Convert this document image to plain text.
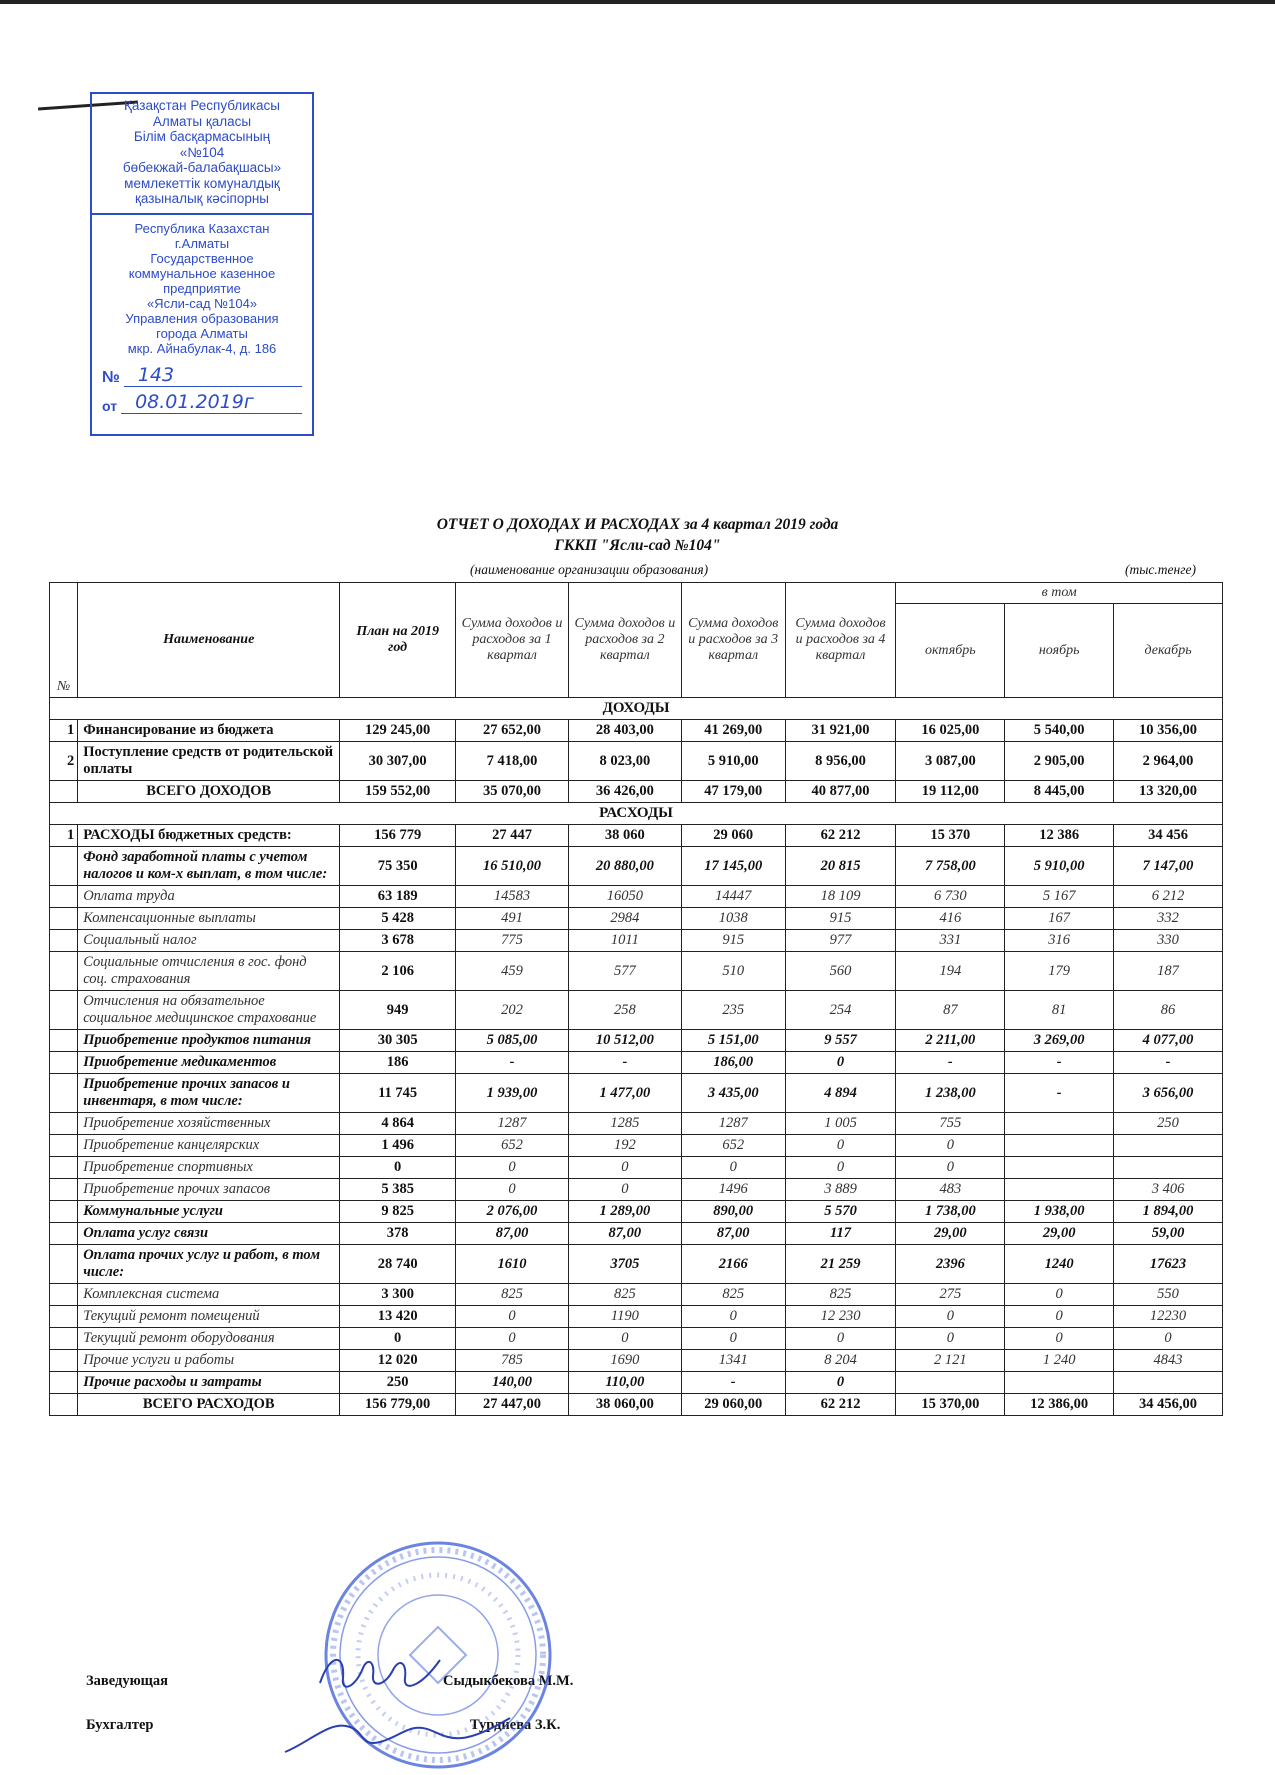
Қазақстан Республикасы
Алматы қаласы
Білім басқармасының
«№104
бөбекжай-балабақшасы»
мемлекеттік комуналдық
қазыналық кәсіпорны
Республика Казахстан
г.Алматы
Государственное
коммунальное казенное
предприятие
«Ясли-сад №104»
Управления образования
города Алматы
мкр. Айнабулак-4, д. 186
№ 143
от 08.01.2019г
ОТЧЕТ О ДОХОДАХ И РАСХОДАХ за 4 квартал 2019 года
ГККП "Ясли-сад №104"
(наименование организации образования)	(тыс.тенге)
№	Наименование	План на 2019 год	Сумма доходов и расходов за 1 квартал	Сумма доходов и расходов за 2 квартал	Сумма доходов и расходов за 3 квартал	Сумма доходов и расходов за 4 квартал	в том		
							октябрь	ноябрь	декабрь
ДОХОДЫ									
1	Финансирование из бюджета	129 245,00	27 652,00	28 403,00	41 269,00	31 921,00	16 025,00	5 540,00	10 356,00
2	Поступление средств от родительской оплаты	30 307,00	7 418,00	8 023,00	5 910,00	8 956,00	3 087,00	2 905,00	2 964,00
	ВСЕГО ДОХОДОВ	159 552,00	35 070,00	36 426,00	47 179,00	40 877,00	19 112,00	8 445,00	13 320,00
РАСХОДЫ									
1	РАСХОДЫ бюджетных средств:	156 779	27 447	38 060	29 060	62 212	15 370	12 386	34 456
	Фонд заработной платы с учетом налогов и ком-х выплат, в том числе:	75 350	16 510,00	20 880,00	17 145,00	20 815	7 758,00	5 910,00	7 147,00
	Оплата труда	63 189	14583	16050	14447	18 109	6 730	5 167	6 212
	Компенсационные выплаты	5 428	491	2984	1038	915	416	167	332
	Социальный налог	3 678	775	1011	915	977	331	316	330
	Социальные отчисления в гос. фонд соц. страхования	2 106	459	577	510	560	194	179	187
	Отчисления на обязательное социальное медицинское страхование	949	202	258	235	254	87	81	86
	Приобретение продуктов питания	30 305	5 085,00	10 512,00	5 151,00	9 557	2 211,00	3 269,00	4 077,00
	Приобретение медикаментов	186	-	-	186,00	0	-	-	-
	Приобретение прочих запасов и инвентаря, в том числе:	11 745	1 939,00	1 477,00	3 435,00	4 894	1 238,00	-	3 656,00
	Приобретение хозяйственных	4 864	1287	1285	1287	1 005	755		250
	Приобретение канцелярских	1 496	652	192	652	0	0		
	Приобретение спортивных	0	0	0	0	0	0		
	Приобретение прочих запасов	5 385	0	0	1496	3 889	483		3 406
	Коммунальные услуги	9 825	2 076,00	1 289,00	890,00	5 570	1 738,00	1 938,00	1 894,00
	Оплата услуг связи	378	87,00	87,00	87,00	117	29,00	29,00	59,00
	Оплата прочих услуг и работ, в том числе:	28 740	1610	3705	2166	21 259	2396	1240	17623
	Комплексная система	3 300	825	825	825	825	275	0	550
	Текущий ремонт помещений	13 420	0	1190	0	12 230	0	0	12230
	Текущий ремонт оборудования	0	0	0	0	0	0	0	0
	Прочие услуги и работы	12 020	785	1690	1341	8 204	2 121	1 240	4843
	Прочие расходы и затраты	250	140,00	110,00	-	0			
	ВСЕГО РАСХОДОВ	156 779,00	27 447,00	38 060,00	29 060,00	62 212	15 370,00	12 386,00	34 456,00
Заведующая	Сыдыкбекова М.М.
Бухгалтер	Турдиева З.К.
